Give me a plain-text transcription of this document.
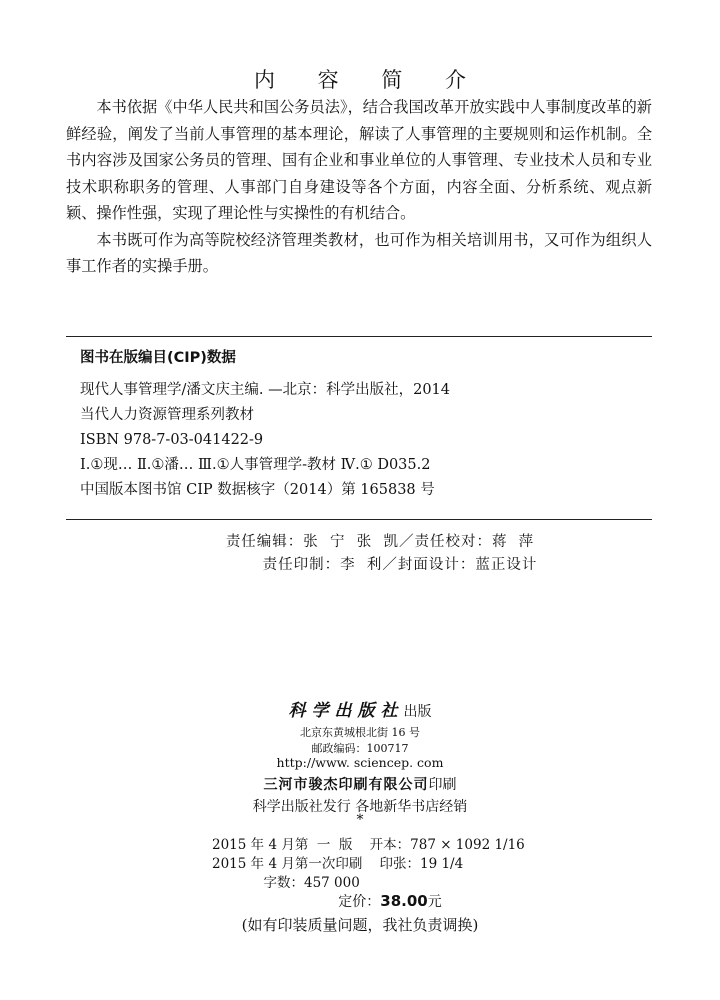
内 容 简 介

本书依据《中华人民共和国公务员法》，结合我国改革开放实践中人事制度改革的新鲜经验，阐发了当前人事管理的基本理论，解读了人事管理的主要规则和运作机制。全书内容涉及国家公务员的管理、国有企业和事业单位的人事管理、专业技术人员和专业技术职称职务的管理、人事部门自身建设等各个方面，内容全面、分析系统、观点新颖、操作性强，实现了理论性与实操性的有机结合。

本书既可作为高等院校经济管理类教材，也可作为相关培训用书，又可作为组织人事工作者的实操手册。

图书在版编目(CIP)数据
现代人事管理学/潘文庆主编. —北京：科学出版社，2014
当代人力资源管理系列教材
ISBN 978-7-03-041422-9
Ⅰ.①现… Ⅱ.①潘… Ⅲ.①人事管理学-教材 Ⅳ.① D035.2
中国版本图书馆 CIP 数据核字（2014）第 165838 号
责任编辑：张  宁  张  凯／责任校对：蒋  萍
责任印制：李  利／封面设计：蓝正设计
科学出版社出版
北京东黄城根北街 16 号
邮政编码：100717
http://www. sciencep. com
三河市骏杰印刷有限公司印刷
科学出版社发行 各地新华书店经销
*
2015 年 4 月第  一  版    开本：787 × 1092 1/16
2015 年 4 月第一次印刷    印张：19 1/4
字数：457 000
定价：38.00元
(如有印装质量问题，我社负责调换)
